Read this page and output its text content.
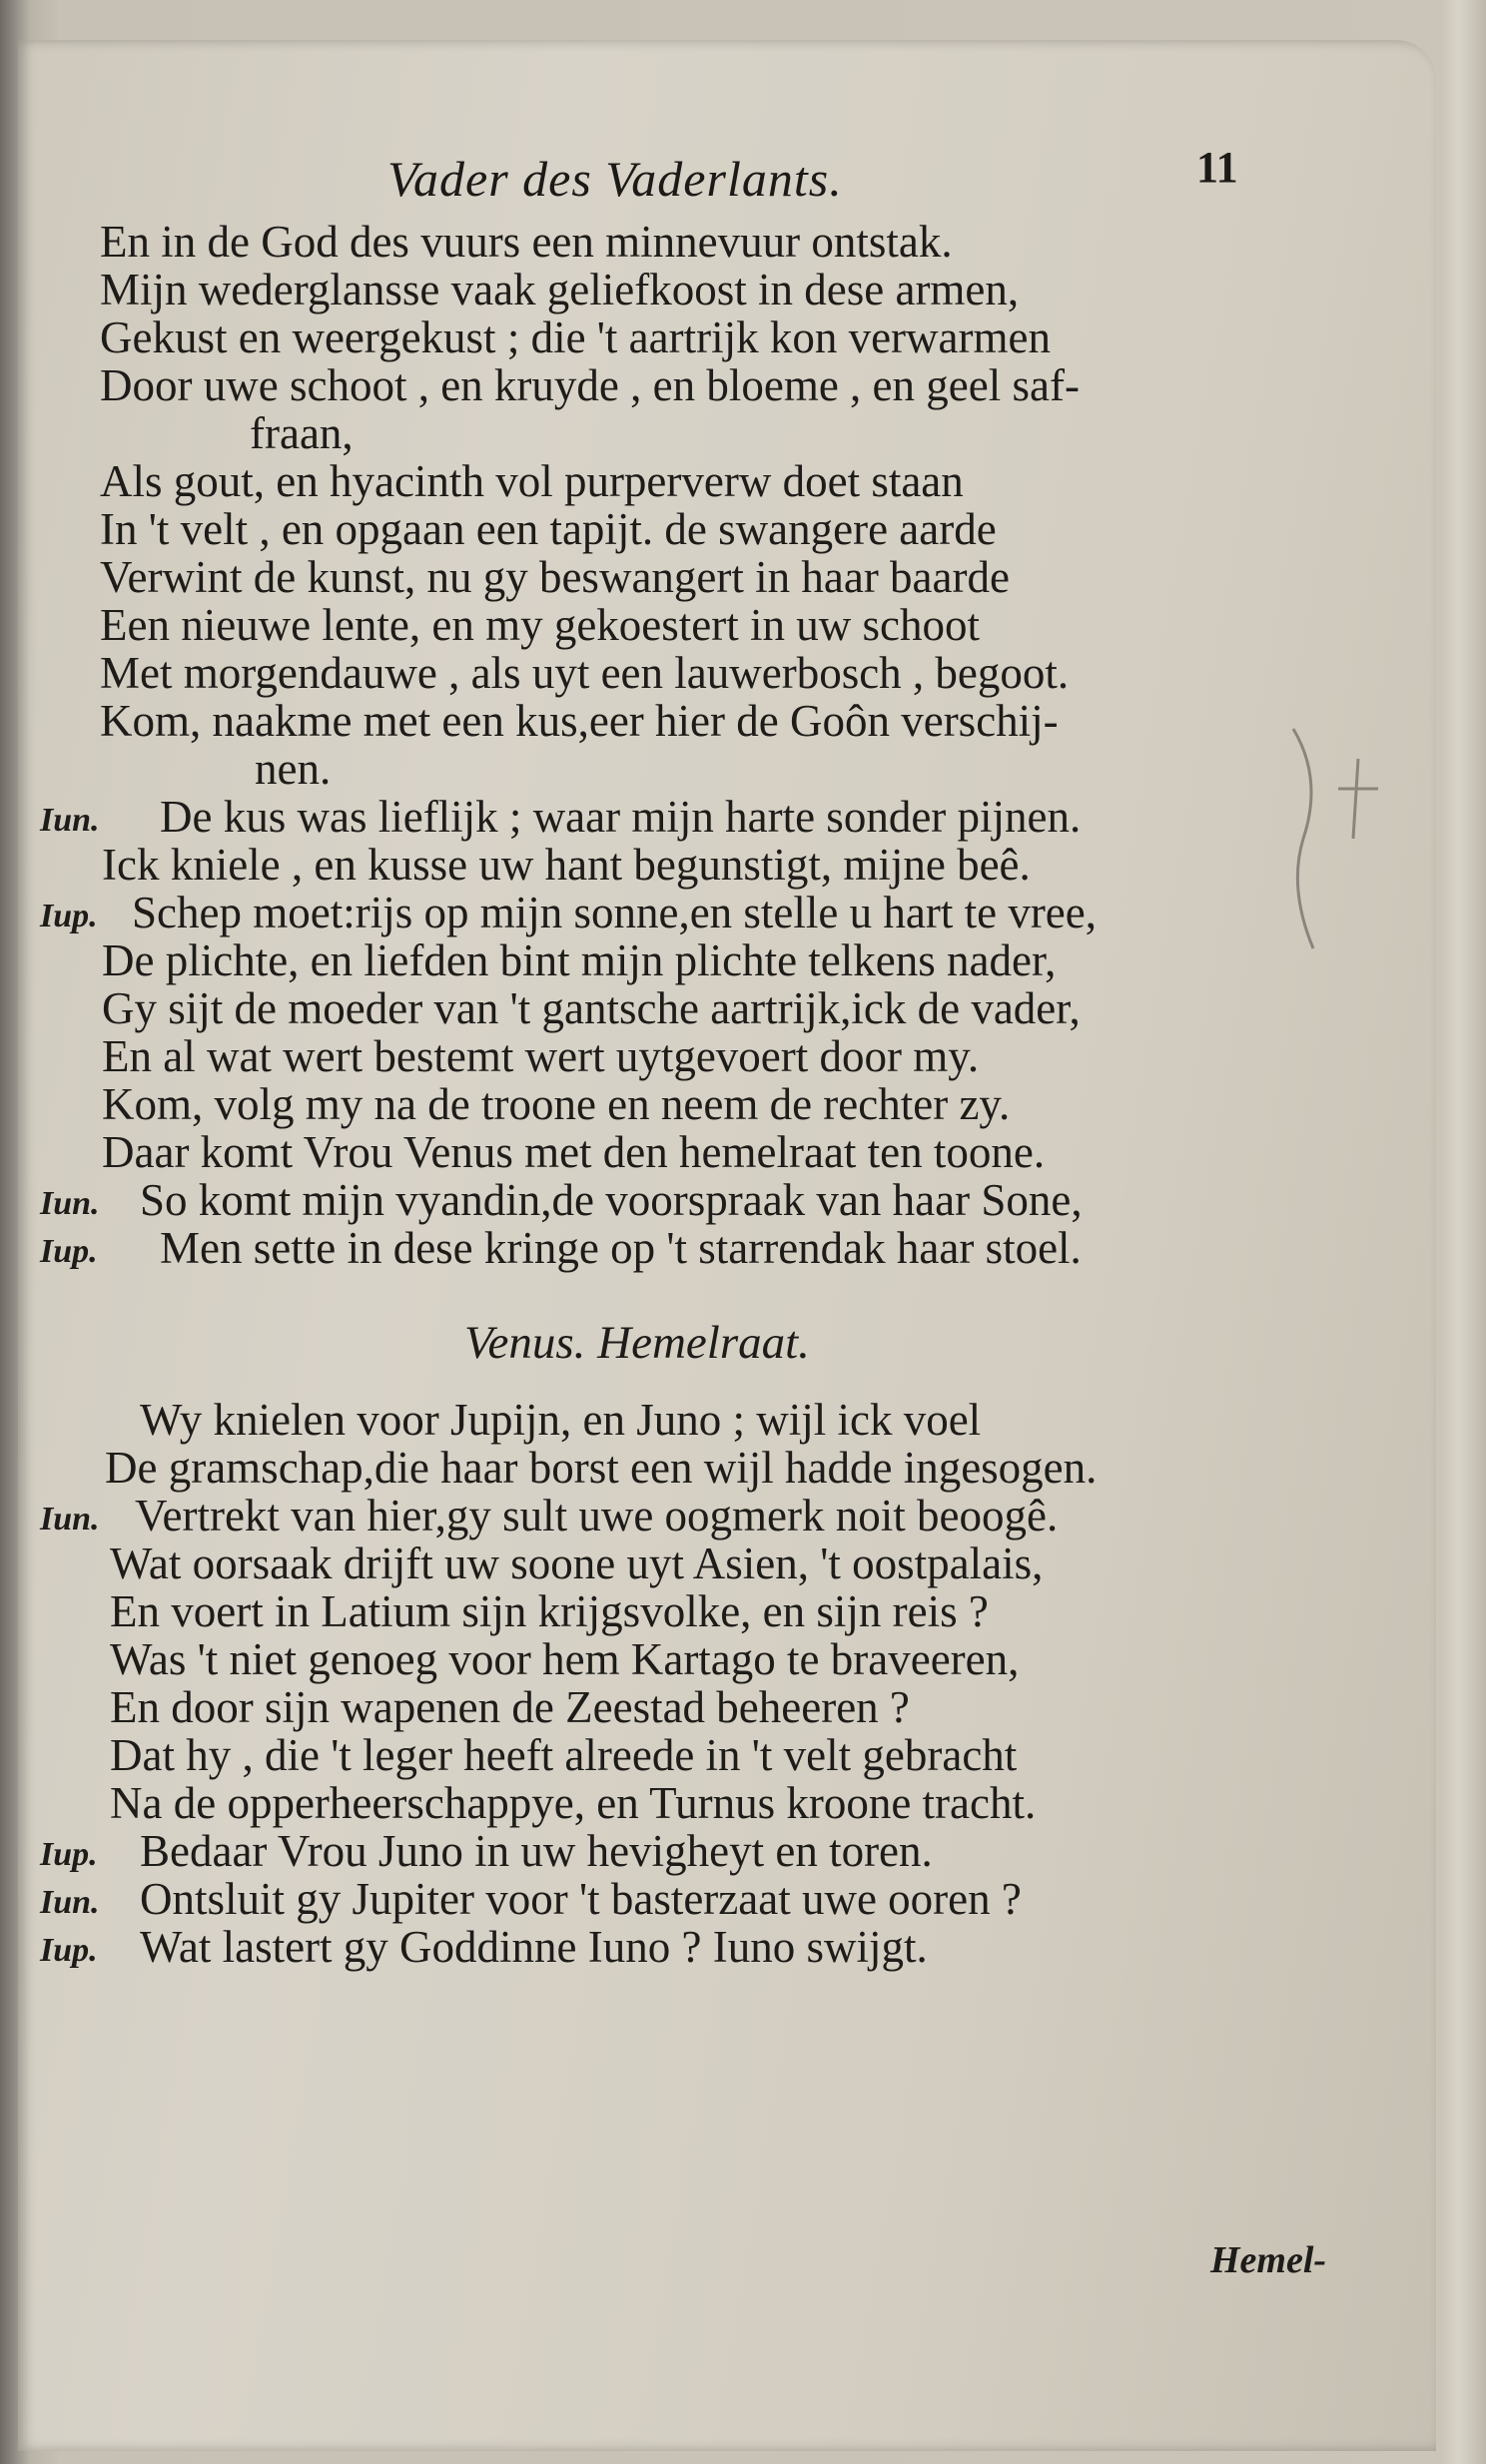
Vader des Vaderlants.	11
En in de God des vuurs een minnevuur ontstak.
Mijn wederglansse vaak geliefkoost in dese armen,
Gekust en weergekust ; die 't aartrijk kon verwarmen
Door uwe schoot , en kruyde , en bloeme , en geel saf-
fraan,
Als gout, en hyacinth vol purperverw doet staan
In 't velt , en opgaan een tapijt. de swangere aarde
Verwint de kunst, nu gy beswangert in haar baarde
Een nieuwe lente, en my gekoestert in uw schoot
Met morgendauwe , als uyt een lauwerbosch , begoot.
Kom, naakme met een kus,eer hier de Goôn verschij-
nen.
Iun. De kus was lieflijk ; waar mijn harte sonder pijnen.
Ick kniele , en kusse uw hant begunstigt, mijne beê.
Iup. Schep moet:rijs op mijn sonne,en stelle u hart te vree,
De plichte, en liefden bint mijn plichte telkens nader,
Gy sijt de moeder van 't gantsche aartrijk,ick de vader,
En al wat wert bestemt wert uytgevoert door my.
Kom, volg my na de troone en neem de rechter zy.
Daar komt Vrou Venus met den hemelraat ten toone.
Iun. So komt mijn vyandin,de voorspraak van haar Sone,
Iup. Men sette in dese kringe op 't starrendak haar stoel.
Venus. Hemelraat.
Wy knielen voor Jupijn, en Juno ; wijl ick voel
De gramschap,die haar borst een wijl hadde ingesogen.
Iun. Vertrekt van hier,gy sult uwe oogmerk noit beoogê.
Wat oorsaak drijft uw soone uyt Asien, 't oostpalais,
En voert in Latium sijn krijgsvolke, en sijn reis ?
Was 't niet genoeg voor hem Kartago te braveeren,
En door sijn wapenen de Zeestad beheeren ?
Dat hy , die 't leger heeft alreede in 't velt gebracht
Na de opperheerschappye, en Turnus kroone tracht.
Iup. Bedaar Vrou Juno in uw hevigheyt en toren.
Iun. Ontsluit gy Jupiter voor 't basterzaat uwe ooren ?
Iup. Wat lastert gy Goddinne Iuno ? Iuno swijgt.
Hemel-
